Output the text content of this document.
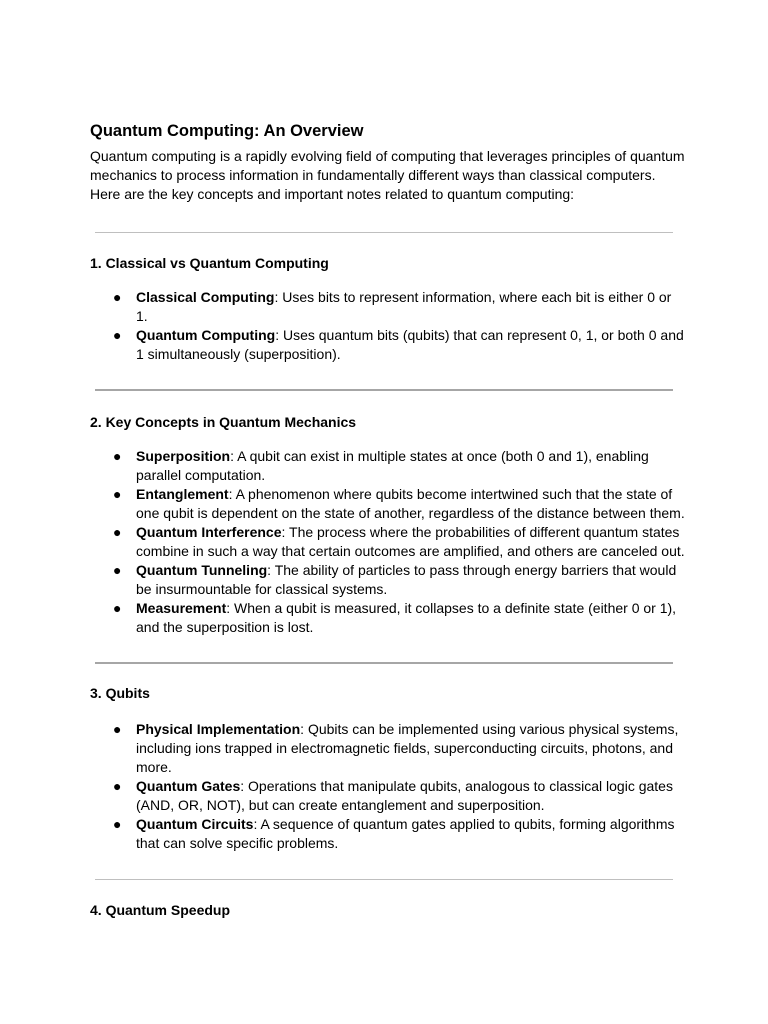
Quantum Computing: An Overview

Quantum computing is a rapidly evolving field of computing that leverages principles of quantum mechanics to process information in fundamentally different ways than classical computers. Here are the key concepts and important notes related to quantum computing:

1. Classical vs Quantum Computing
● Classical Computing: Uses bits to represent information, where each bit is either 0 or 1.
● Quantum Computing: Uses quantum bits (qubits) that can represent 0, 1, or both 0 and 1 simultaneously (superposition).
2. Key Concepts in Quantum Mechanics
● Superposition: A qubit can exist in multiple states at once (both 0 and 1), enabling parallel computation.
● Entanglement: A phenomenon where qubits become intertwined such that the state of one qubit is dependent on the state of another, regardless of the distance between them.
● Quantum Interference: The process where the probabilities of different quantum states combine in such a way that certain outcomes are amplified, and others are canceled out.
● Quantum Tunneling: The ability of particles to pass through energy barriers that would be insurmountable for classical systems.
● Measurement: When a qubit is measured, it collapses to a definite state (either 0 or 1), and the superposition is lost.
3. Qubits
● Physical Implementation: Qubits can be implemented using various physical systems, including ions trapped in electromagnetic fields, superconducting circuits, photons, and more.
● Quantum Gates: Operations that manipulate qubits, analogous to classical logic gates (AND, OR, NOT), but can create entanglement and superposition.
● Quantum Circuits: A sequence of quantum gates applied to qubits, forming algorithms that can solve specific problems.
4. Quantum Speedup
